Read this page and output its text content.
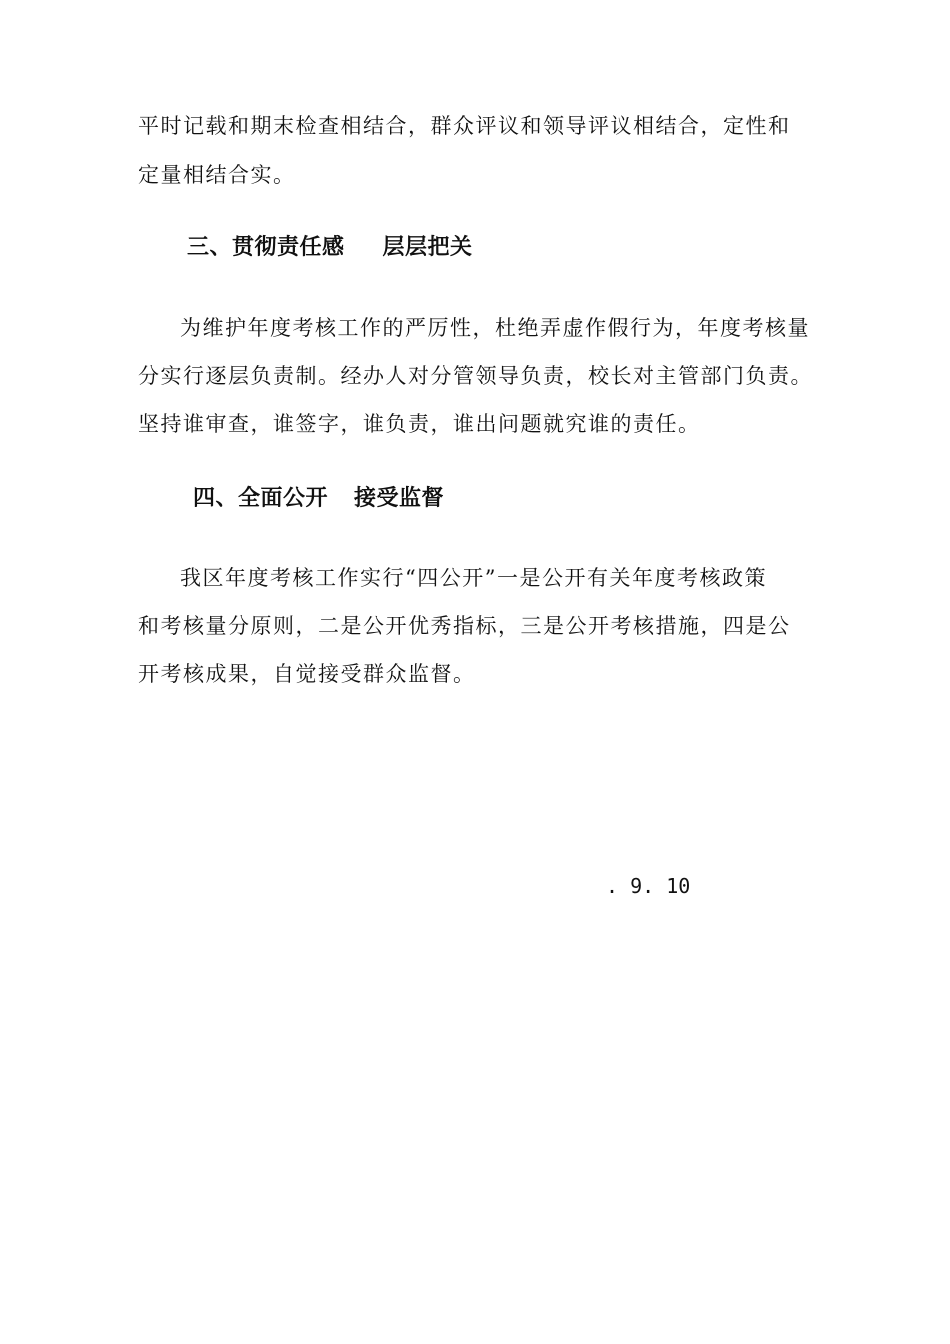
平时记载和期末检查相结合，群众评议和领导评议相结合，定性和
定量相结合实。
三、贯彻责任感 层层把关
为维护年度考核工作的严厉性，杜绝弄虚作假行为，年度考核量
分实行逐层负责制。经办人对分管领导负责，校长对主管部门负责。
坚持谁审查，谁签字，谁负责，谁出问题就究谁的责任。
四、全面公开 接受监督
我区年度考核工作实行“四公开”一是公开有关年度考核政策
和考核量分原则，二是公开优秀指标，三是公开考核措施，四是公
开考核成果，自觉接受群众监督。
. 9. 10
